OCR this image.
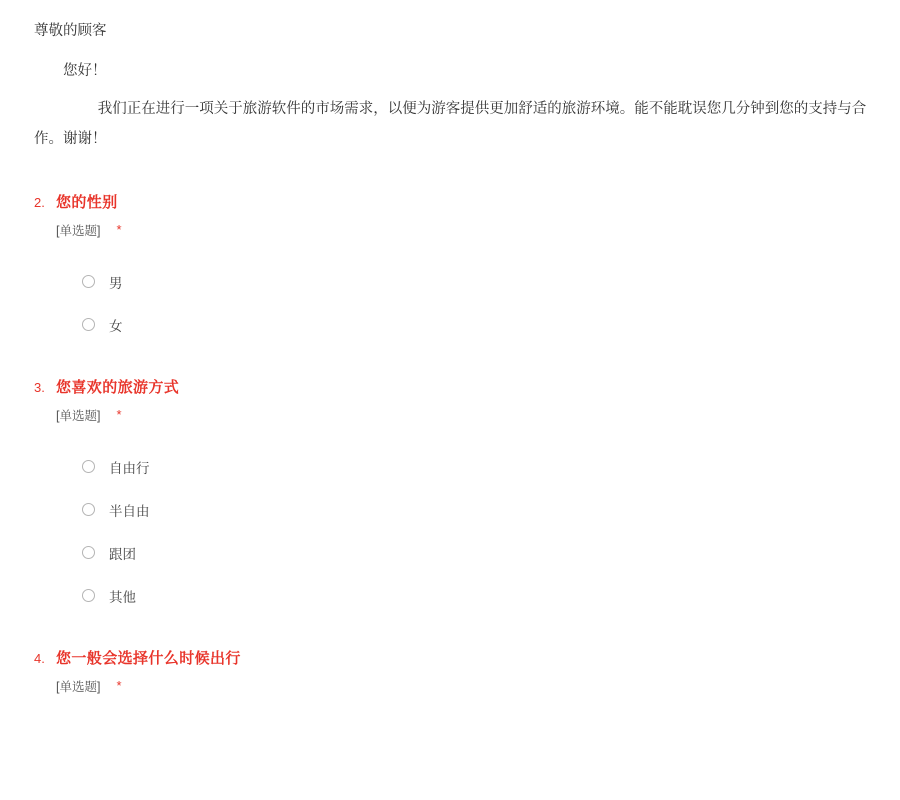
尊敬的顾客

您好！

我们正在进行一项关于旅游软件的市场需求，以便为游客提供更加舒适的旅游环境。能不能耽误您几分钟到您的支持与合作。谢谢！

2. 您的性别
[单选题] *
男
女
3. 您喜欢的旅游方式
[单选题] *
自由行
半自由
跟团
其他
4. 您一般会选择什么时候出行
[单选题] *
